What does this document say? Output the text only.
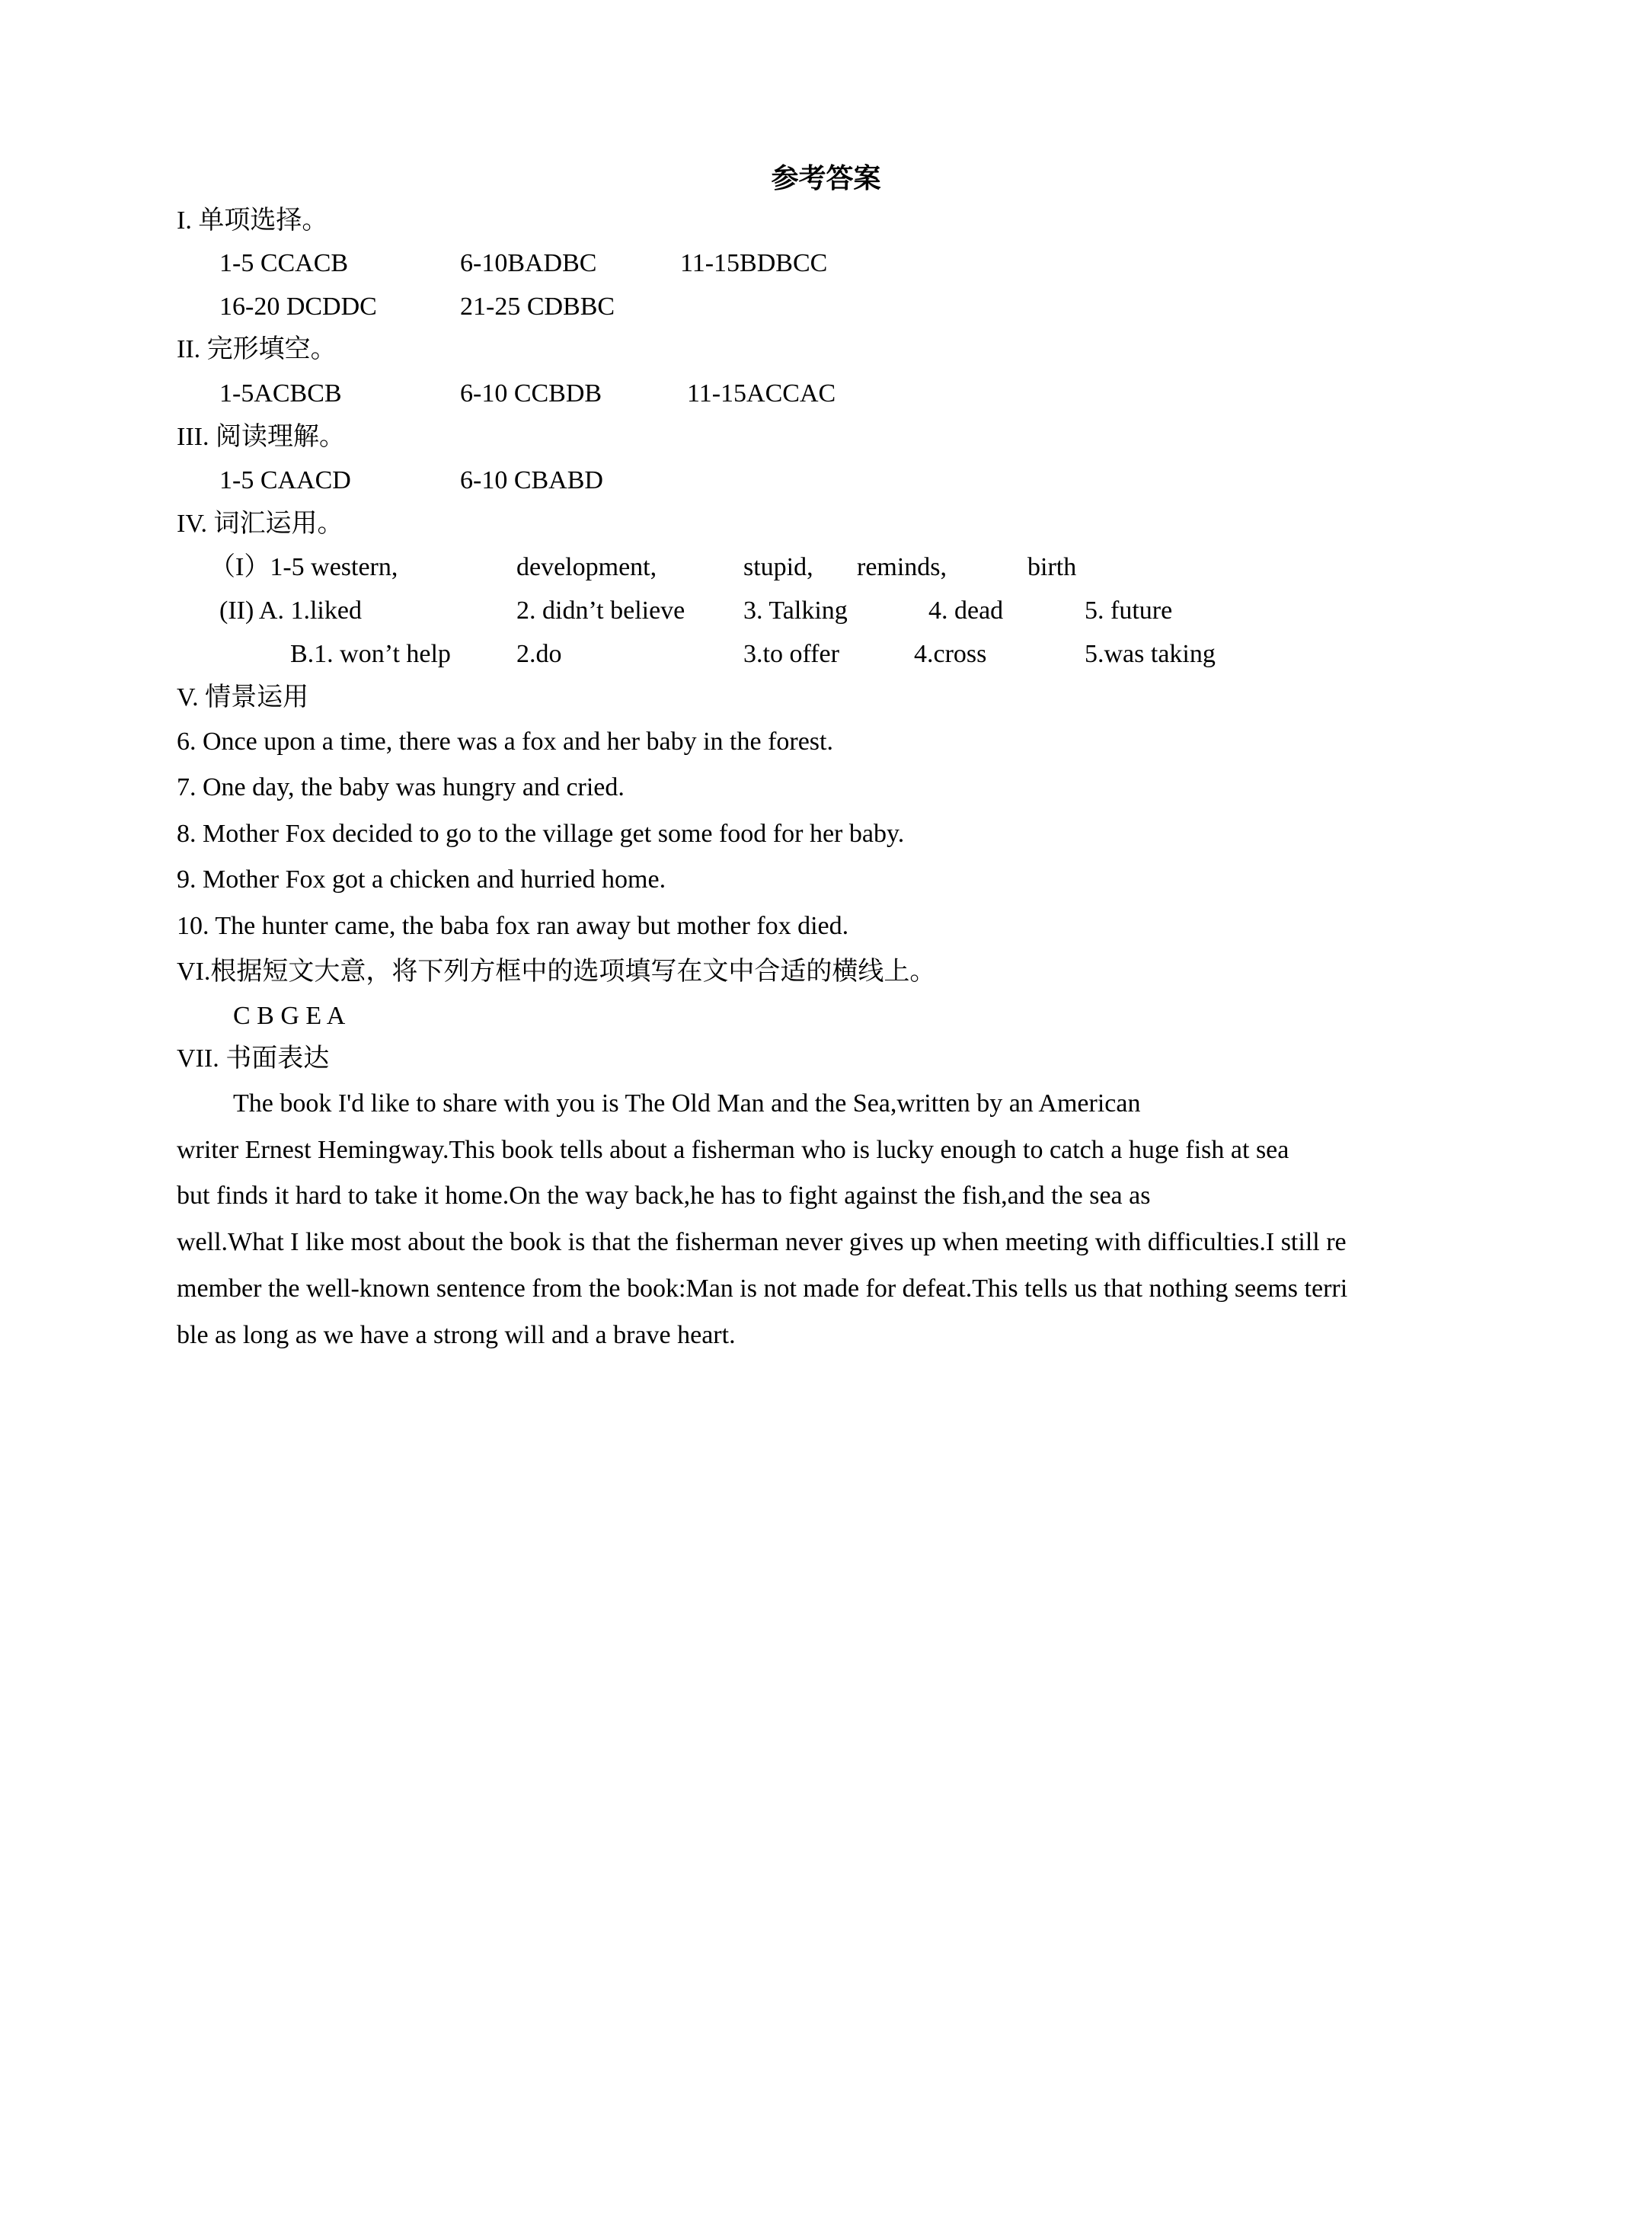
参考答案
I. 单项选择。
1-5 CCACB	6-10BADBC	11-15BDBCC
16-20 DCDDC	21-25 CDBBC
II. 完形填空。
1-5ACBCB	6-10 CCBDB	11-15ACCAC
III. 阅读理解。
1-5 CAACD	6-10 CBABD
IV. 词汇运用。
（I）1-5 western,	development,	stupid, reminds,	birth
(II) A. 1.liked	2. didn’t believe 3. Talking	4. dead	5. future
B.1. won’t help	2.do	3.to offer	4.cross	5.was taking
V. 情景运用
6. Once upon a time, there was a fox and her baby in the forest.
7. One day, the baby was hungry and cried.
8. Mother Fox decided to go to the village get some food for her baby.
9. Mother Fox got a chicken and hurried home.
10. The hunter came, the baba fox ran away but mother fox died.
VI.根据短文大意，将下列方框中的选项填写在文中合适的横线上。
C B G E A
VII. 书面表达
The book I'd like to share with you is The Old Man and the Sea,written by an American
writer Ernest Hemingway.This book tells about a fisherman who is lucky enough to catch a huge fish at sea
but finds it hard to take it home.On the way back,he has to fight against the fish,and the sea as
well.What I like most about the book is that the fisherman never gives up when meeting with difficulties.I still re
member the well-known sentence from the book:Man is not made for defeat.This tells us that nothing seems terri
ble as long as we have a strong will and a brave heart.
